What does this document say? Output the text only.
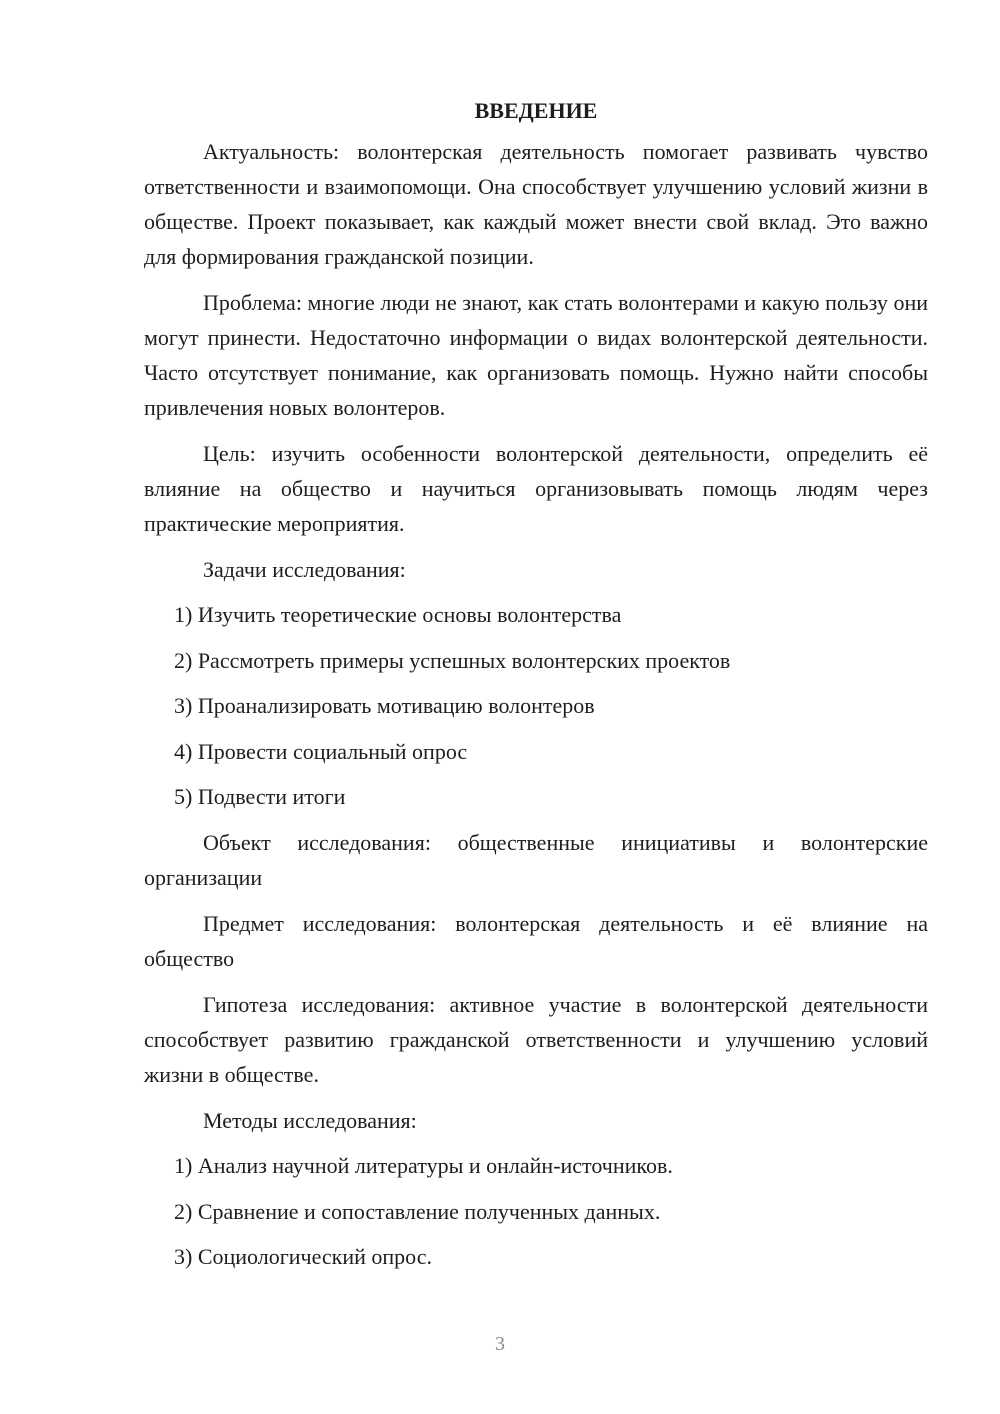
ВВЕДЕНИЕ

Актуальность: волонтерская деятельность помогает развивать чувство ответственности и взаимопомощи. Она способствует улучшению условий жизни в обществе. Проект показывает, как каждый может внести свой вклад. Это важно для формирования гражданской позиции.

Проблема: многие люди не знают, как стать волонтерами и какую пользу они могут принести. Недостаточно информации о видах волонтерской деятельности. Часто отсутствует понимание, как организовать помощь. Нужно найти способы привлечения новых волонтеров.

Цель: изучить особенности волонтерской деятельности, определить её влияние на общество и научиться организовывать помощь людям через практические мероприятия.

Задачи исследования:

1) Изучить теоретические основы волонтерства
2) Рассмотреть примеры успешных волонтерских проектов
3) Проанализировать мотивацию волонтеров
4) Провести социальный опрос
5) Подвести итоги

Объект исследования: общественные инициативы и волонтерские организации

Предмет исследования: волонтерская деятельность и её влияние на общество

Гипотеза исследования: активное участие в волонтерской деятельности способствует развитию гражданской ответственности и улучшению условий жизни в обществе.

Методы исследования:

1) Анализ научной литературы и онлайн-источников.
2) Сравнение и сопоставление полученных данных.
3) Социологический опрос.
3
